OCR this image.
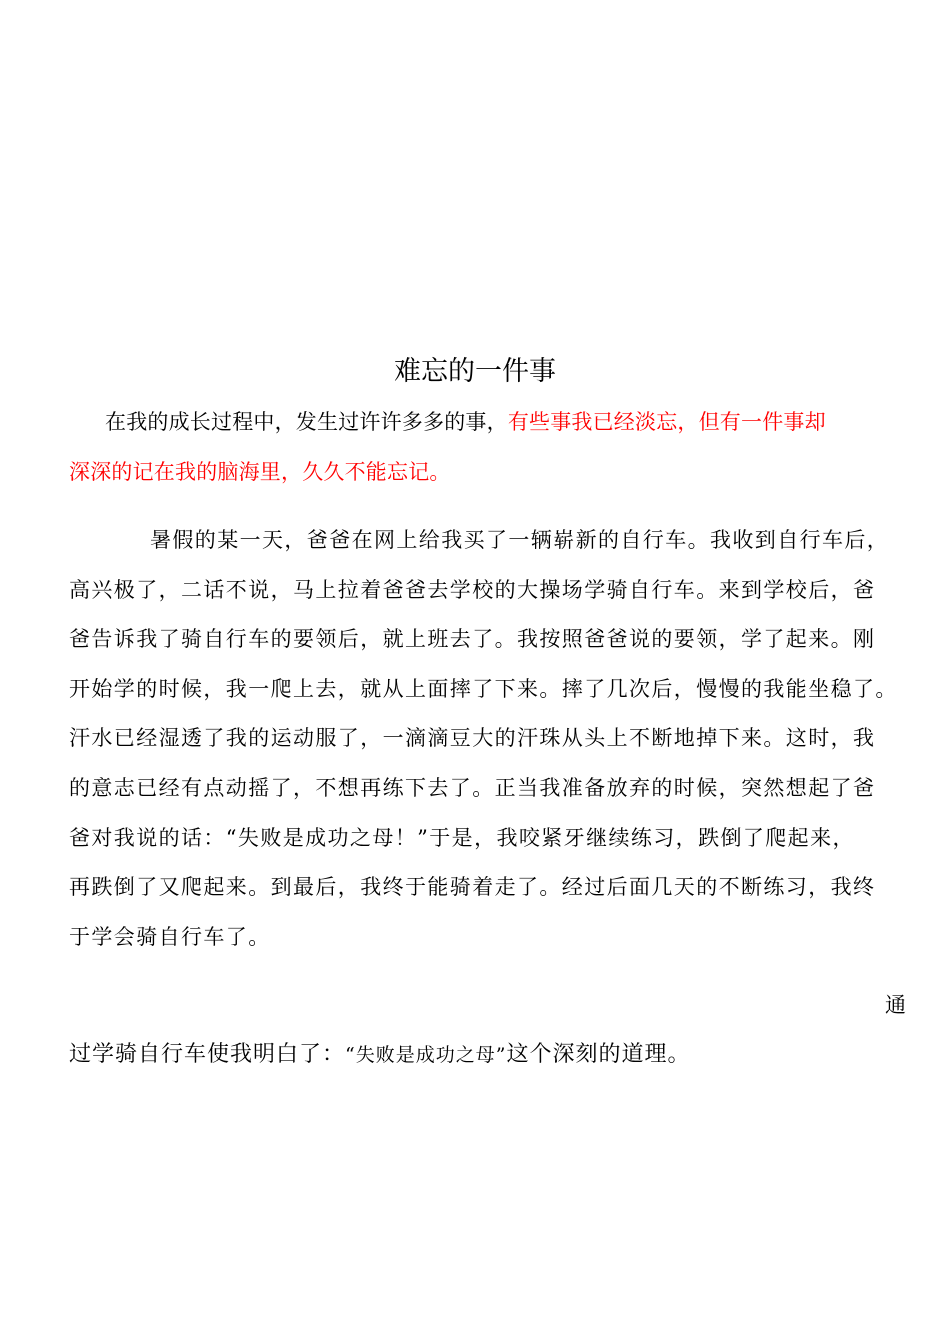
难忘的一件事
在我的成长过程中，发生过许许多多的事，有些事我已经淡忘，但有一件事却
深深的记在我的脑海里，久久不能忘记。
暑假的某一天，爸爸在网上给我买了一辆崭新的自行车。我收到自行车后，
高兴极了，二话不说，马上拉着爸爸去学校的大操场学骑自行车。来到学校后，爸
爸告诉我了骑自行车的要领后，就上班去了。我按照爸爸说的要领，学了起来。刚
开始学的时候，我一爬上去，就从上面摔了下来。摔了几次后，慢慢的我能坐稳了。
汗水已经湿透了我的运动服了，一滴滴豆大的汗珠从头上不断地掉下来。这时，我
的意志已经有点动摇了，不想再练下去了。正当我准备放弃的时候，突然想起了爸
爸对我说的话：“失败是成功之母！”于是，我咬紧牙继续练习，跌倒了爬起来，
再跌倒了又爬起来。到最后，我终于能骑着走了。经过后面几天的不断练习，我终
于学会骑自行车了。
通
过学骑自行车使我明白了：“失败是成功之母”这个深刻的道理。
